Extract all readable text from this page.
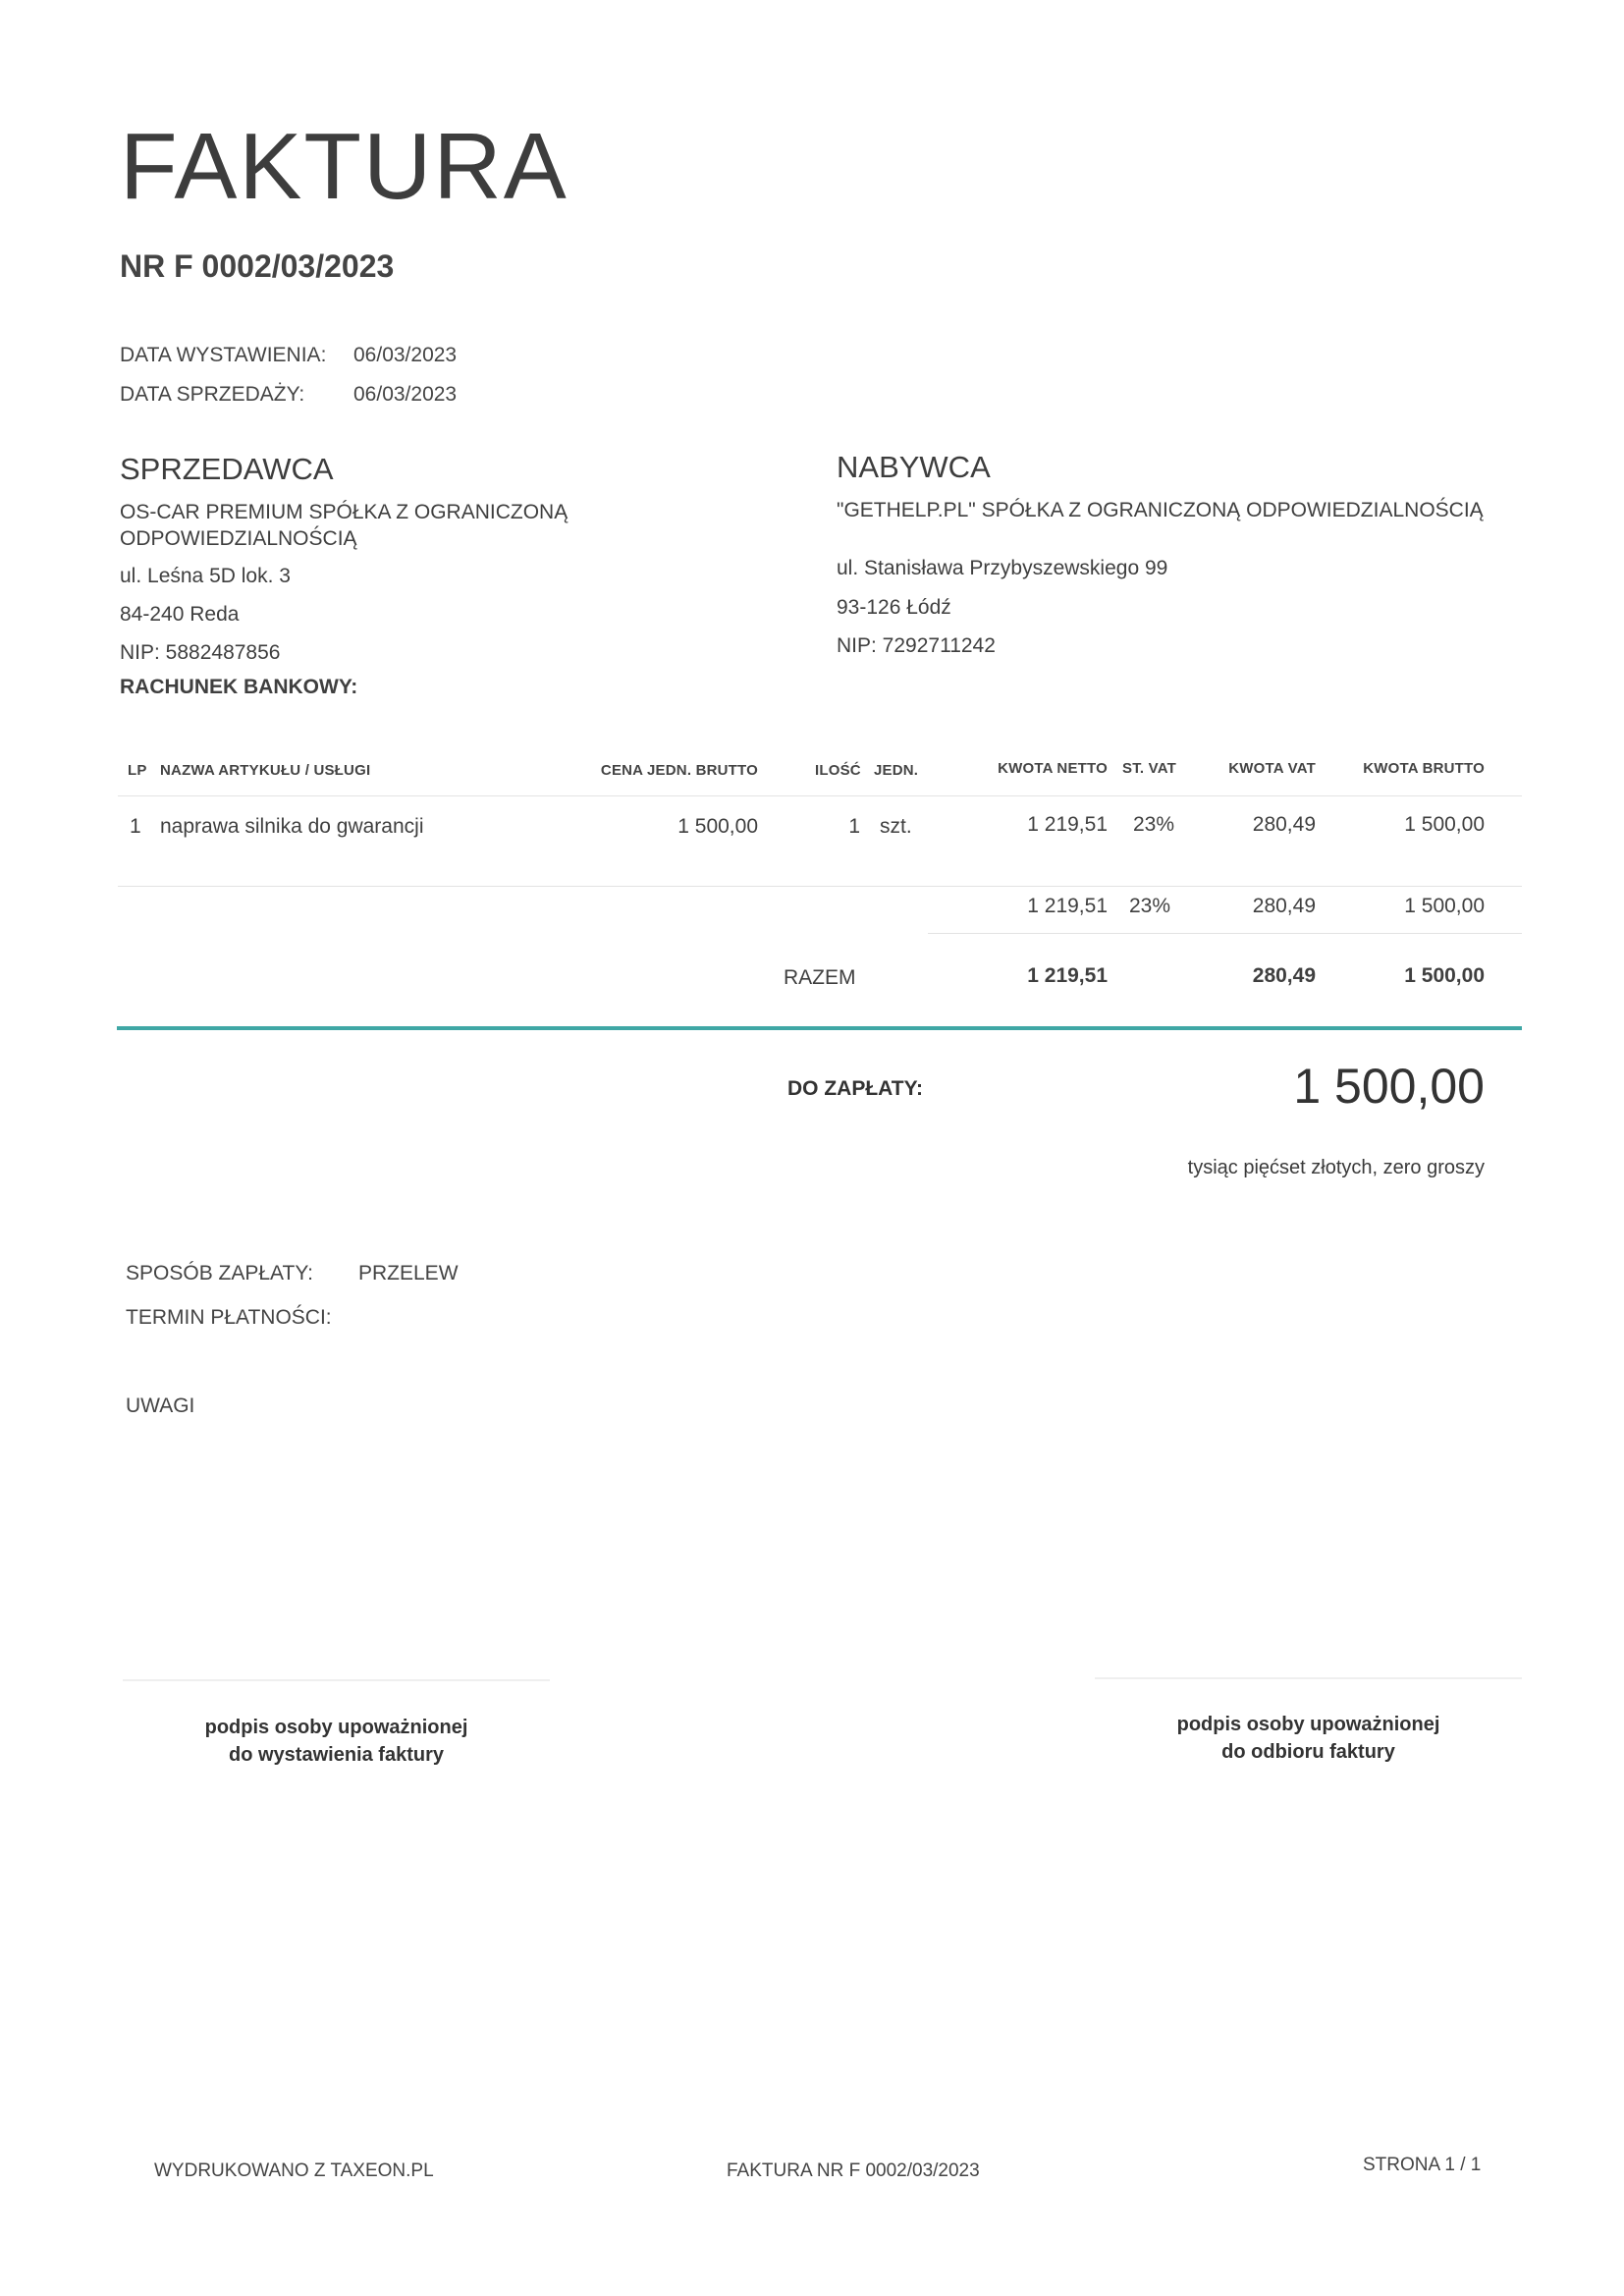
FAKTURA
NR F 0002/03/2023
DATA WYSTAWIENIA: 06/03/2023
DATA SPRZEDAŻY: 06/03/2023
SPRZEDAWCA
OS-CAR PREMIUM SPÓŁKA Z OGRANICZONĄ
ODPOWIEDZIALNOŚCIĄ
ul. Leśna 5D lok. 3
84-240 Reda
NIP: 5882487856
RACHUNEK BANKOWY:
NABYWCA
"GETHELP.PL" SPÓŁKA Z OGRANICZONĄ ODPOWIEDZIALNOŚCIĄ
ul. Stanisława Przybyszewskiego 99
93-126 Łódź
NIP: 7292711242
LP NAZWA ARTYKUŁU / USŁUGI	CENA JEDN. BRUTTO	ILOŚĆ JEDN.	KWOTA NETTO ST. VAT	KWOTA VAT	KWOTA BRUTTO
1 naprawa silnika do gwarancji	1 500,00	1 szt.	1 219,51 23%	280,49	1 500,00
1 219,51 23%	280,49	1 500,00
RAZEM	1 219,51	280,49	1 500,00
DO ZAPŁATY:	1 500,00
tysiąc pięćset złotych, zero groszy
SPOSÓB ZAPŁATY: PRZELEW
TERMIN PŁATNOŚCI:
UWAGI
podpis osoby upoważnionej
do wystawienia faktury
podpis osoby upoważnionej
do odbioru faktury
WYDRUKOWANO Z TAXEON.PL	FAKTURA NR F 0002/03/2023	STRONA 1 / 1
